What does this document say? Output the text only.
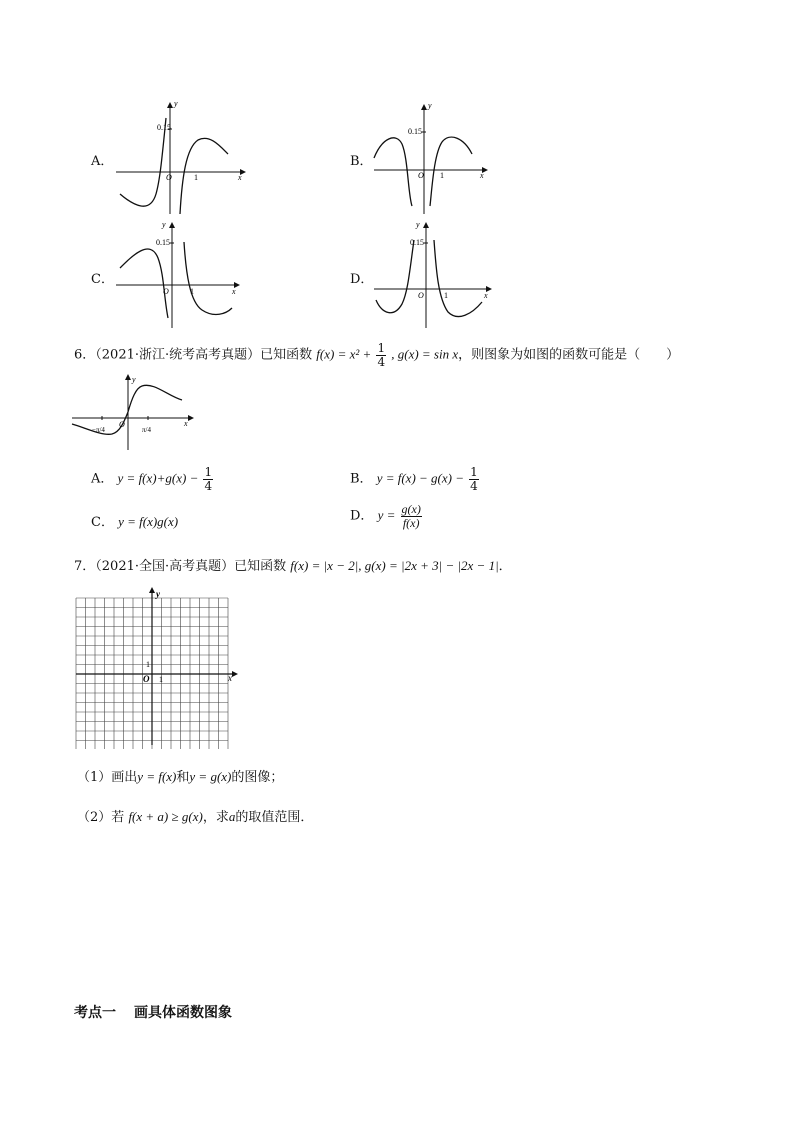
A．
0.15
y
x
O	1
B．
0.15
y
x
O 1
C．
0.15
y
x
O	1
D．
0.15
y
x
O	1
6．（2021·浙江·统考高考真题）已知函数 $f(x) = x^2 + \frac{1}{4}$ , g(x) = sin x，则图象为如图的函数可能是（　　）
y
x
O
−π/4	π/4
A． $y = f(x)+g(x) - \frac{1}{4}$	B． $y = f(x) - g(x) - \frac{1}{4}$
C． y = f(x)g(x)	D． $y = \frac{g(x)}{f(x)}$
7．（2021·全国·高考真题）已知函数 f(x) = |x − 2|, g(x) = |2x + 3| − |2x − 1|．
y
x
O 1
1
（1）画出y = f(x)和y = g(x)的图像；
（2）若 f(x + a) ≥ g(x)，求a的取值范围．
考点一 画具体函数图象
